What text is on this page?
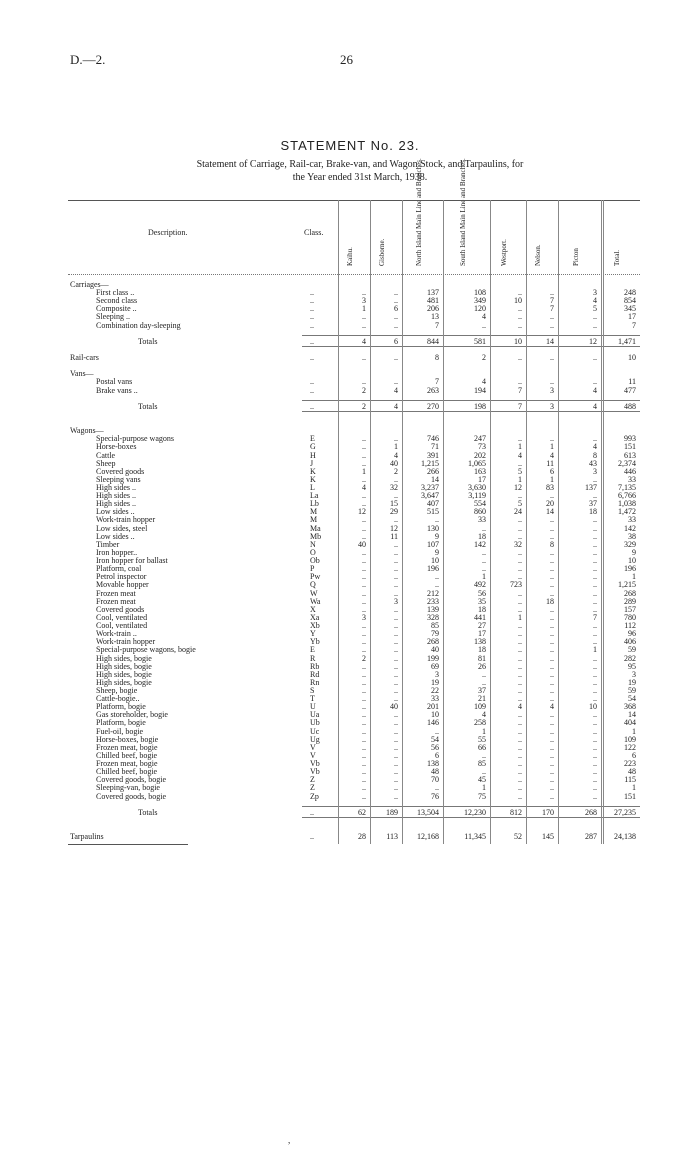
D.—2.	26
STATEMENT No. 23.
Statement of Carriage, Rail-car, Brake-van, and Wagon Stock, and Tarpaulins, for
the Year ended 31st March, 1938.
Description.	Class.
Kaihu.	Gisborne.	North Island Main Line and Branches.	South Island Main Line and Branches.	Westport.	Nelson.	Picton	Total.
Carriages—
First class ..	..	..	..	137	108	..	..	3	248
Second class	..	3	..	481	349	10	7	4	854
Composite ..	..	1	6	206	120	..	7	5	345
Sleeping ..	..	..	..	13	4	..	..	..	17
Combination day-sleeping	..	..	..	7	..	..	..	..	7
Totals	..	4	6	844	581	10	14	12	1,471
Rail-cars	..	..	..	8	2	..	..	..	10
Vans—
Postal vans	..	..	..	7	4	..	..	..	11
Brake vans ..	..	2	4	263	194	7	3	4	477
Totals	..	2	4	270	198	7	3	4	488
Wagons—
Special-purpose wagons	E	..	..	746	247	..	..	..	993
Horse-boxes	G	..	1	71	73	1	1	4	151
Cattle	H	..	4	391	202	4	4	8	613
Sheep	J	..	40	1,215	1,065	..	11	43	2,374
Covered goods	K	1	2	266	163	5	6	3	446
Sleeping vans	K	..	..	14	17	1	1	..	33
High sides ..	L	4	32	3,237	3,630	12	83	137	7,135
High sides ..	La	..	..	3,647	3,119	..	..	..	6,766
High sides ..	Lb	..	15	407	554	5	20	37	1,038
Low sides ..	M	12	29	515	860	24	14	18	1,472
Work-train hopper	M	..	..	..	33	..	..	..	33
Low sides, steel	Ma	..	12	130	..	..	..	..	142
Low sides ..	Mb	..	11	9	18	..	..	..	38
Timber	N	40	..	107	142	32	8	..	329
Iron hopper..	O	..	..	9	..	..	..	..	9
Iron hopper for ballast	Ob	..	..	10	..	..	..	..	10
Platform, coal	P	..	..	196	..	..	..	..	196
Petrol inspector	Pw	..	..	..	1	..	..	..	1
Movable hopper	Q	..	..	..	492	723	..	..	1,215
Frozen meat	W	..	..	212	56	..	..	..	268
Frozen meat	Wa	..	3	233	35	..	18	..	289
Covered goods	X	..	..	139	18	..	..	..	157
Cool, ventilated	Xa	3	..	328	441	1	..	7	780
Cool, ventilated	Xb	..	..	85	27	..	..	..	112
Work-train ..	Y	..	..	79	17	..	..	..	96
Work-train hopper	Yb	..	..	268	138	..	..	..	406
Special-purpose wagons, bogie	E	..	..	40	18	..	..	1	59
High sides, bogie	R	2	..	199	81	..	..	..	282
High sides, bogie	Rb	..	..	69	26	..	..	..	95
High sides, bogie	Rd	..	..	3	..	..	..	..	3
High sides, bogie	Rn	..	..	19	..	..	..	..	19
Sheep, bogie	S	..	..	22	37	..	..	..	59
Cattle-bogie..	T	..	..	33	21	..	..	..	54
Platform, bogie	U	..	40	201	109	4	4	10	368
Gas storeholder, bogie	Ua	..	..	10	4	..	..	..	14
Platform, bogie	Ub	..	..	146	258	..	..	..	404
Fuel-oil, bogie	Uc	..	..	..	1	..	..	..	1
Horse-boxes, bogie	Ug	..	..	54	55	..	..	..	109
Frozen meat, bogie	V	..	..	56	66	..	..	..	122
Chilled beef, bogie	V	..	..	6	..	..	..	..	6
Frozen meat, bogie	Vb	..	..	138	85	..	..	..	223
Chilled beef, bogie	Vb	..	..	48	..	..	..	..	48
Covered goods, bogie	Z	..	..	70	45	..	..	..	115
Sleeping-van, bogie	Z	..	..	..	1	..	..	..	1
Covered goods, bogie	Zp	..	..	76	75	..	..	..	151
Totals	..	62	189	13,504	12,230	812	170	268	27,235
Tarpaulins	..	28	113	12,168	11,345	52	145	287	24,138
,
